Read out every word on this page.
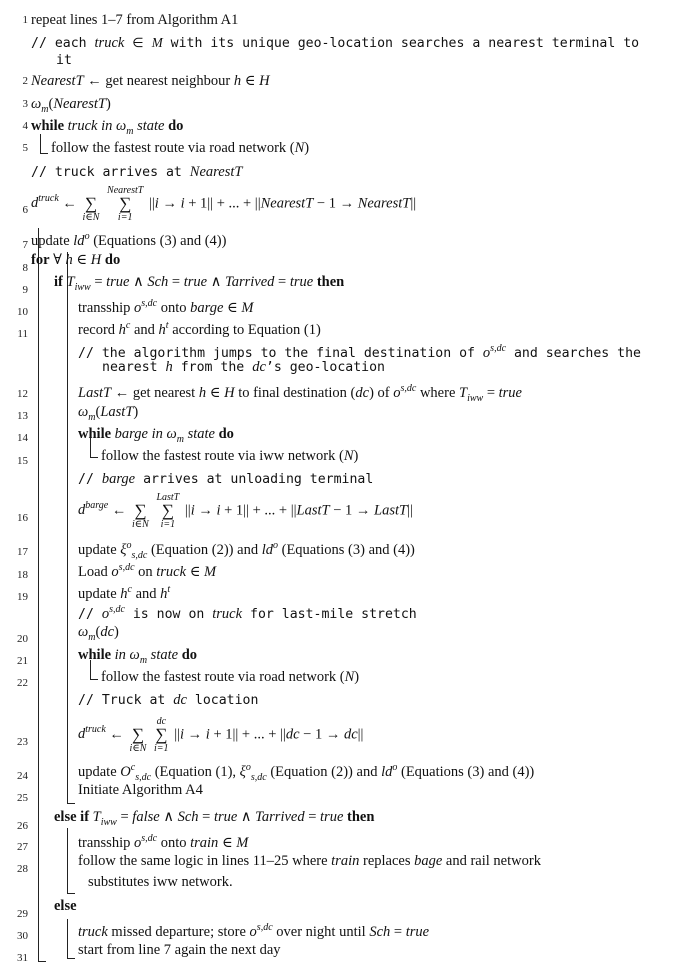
1
2
3
4
5
6
7
8
9
10
11
12
13
14
15
16
17
18
19
20
21
22
23
24
25
26
27
28
29
30
31
repeat lines 1–7 from Algorithm A1
// each truck ∈ M with its unique geo-location searches a nearest terminal to
it
NearestT ← get nearest neighbour h ∈ H
$\omega_m(NearestT)$
while truck in $\omega_m$ state do
follow the fastest route via road network (N)
// truck arrives at NearestT
$d^{truck}$ ←
∑
i∈N

NearestT
∑
i=1
||i → i + 1|| + ... + ||NearestT − 1 → NearestT||
update $ld^o$ (Equations (3) and (4))
for ∀ h ∈ H do
if $T_{iww}$ = true ∧ Sch = true ∧ Tarrived = true then
transship $o^{s,dc}$ onto barge ∈ M
record $h^c$ and $h^t$ according to Equation (1)
// the algorithm jumps to the final destination of $o^{s,dc}$ and searches the
nearest h from the dc’s geo-location
LastT ← get nearest h ∈ H to final destination (dc) of $o^{s,dc}$ where $T_{iww}$ = true
$\omega_m(LastT)$
while barge in $\omega_m$ state do
follow the fastest route via iww network (N)
// barge arrives at unloading terminal
$d^{barge}$ ←
∑
i∈N

LastT
∑
i=1
||i → i + 1|| + ... + ||LastT − 1 → LastT||
update $\xi^o_{s,dc}$ (Equation (2)) and $ld^o$ (Equations (3) and (4))
Load $o^{s,dc}$ on truck ∈ M
update $h^c$ and $h^t$
// $o^{s,dc}$ is now on truck for last-mile stretch
$\omega_m(dc)$
while in $\omega_m$ state do
follow the fastest route via road network (N)
// Truck at dc location
$d^{truck}$ ←
∑
i∈N

dc
∑
i=1
||i → i + 1|| + ... + ||dc − 1 → dc||
update $O^c_{s,dc}$ (Equation (1), $\xi^o_{s,dc}$ (Equation (2)) and $ld^o$ (Equations (3) and (4))
Initiate Algorithm A4
else if $T_{iww}$ = false ∧ Sch = true ∧ Tarrived = true then
transship $o^{s,dc}$ onto train ∈ M
follow the same logic in lines 11–25 where train replaces bage and rail network
substitutes iww network.
else
truck missed departure; store $o^{s,dc}$ over night until Sch = true
start from line 7 again the next day
